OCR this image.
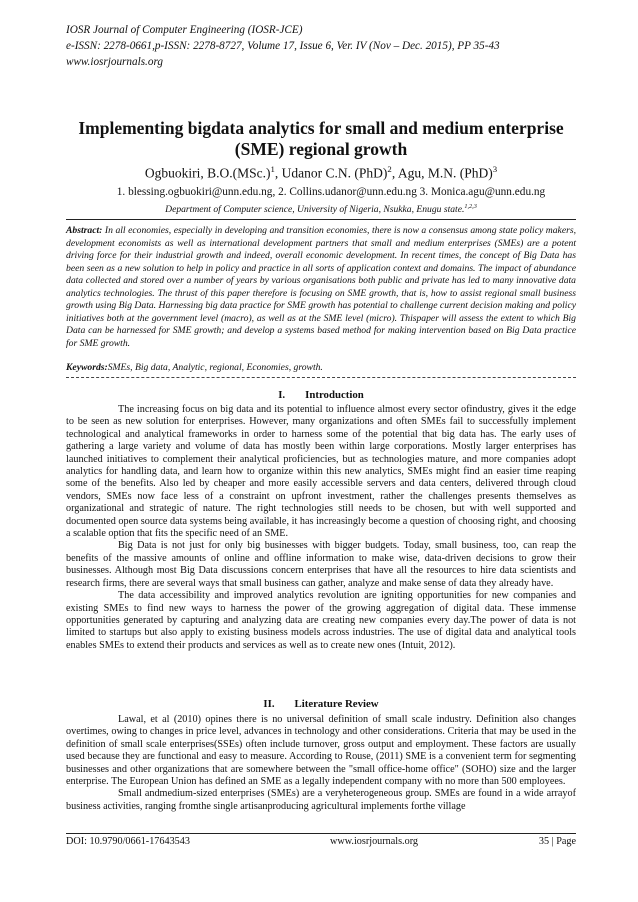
IOSR Journal of Computer Engineering (IOSR-JCE)
e-ISSN: 2278-0661,p-ISSN: 2278-8727, Volume 17, Issue 6, Ver. IV (Nov – Dec. 2015), PP 35-43
www.iosrjournals.org
Implementing bigdata analytics for small and medium enterprise (SME) regional growth
Ogbuokiri, $B.O.(MSc.)^1$, Udanor C.N. (PhD)$^2$, Agu, M.N. (PhD)$^3$
1. blessing.ogbuokiri@unn.edu.ng, 2. Collins.udanor@unn.edu.ng 3. Monica.agu@unn.edu.ng
Department of Computer science, University of Nigeria, Nsukka, Enugu state.$^{1,2,3}$
Abstract: In all economies, especially in developing and transition economies, there is now a consensus among state policy makers, development economists as well as international development partners that small and medium enterprises (SMEs) are a potent driving force for their industrial growth and indeed, overall economic development. In recent times, the concept of Big Data has been seen as a new solution to help in policy and practice in all sorts of application context and domains. The impact of abundance data collected and stored over a number of years by various organisations both public and private has led to many innovative data analytics technologies. The thrust of this paper therefore is focusing on SME growth, that is, how to assist regional small business growth using Big Data. Harnessing big data practice for SME growth has potential to challenge current decision making and policy initiatives both at the government level (macro), as well as at the SME level (micro). Thispaper will assess the extent to which Big Data can be harnessed for SME growth; and develop a systems based method for making intervention based on Big Data practice for SME growth.
Keywords:SMEs, Big data, Analytic, regional, Economies, growth.
I. Introduction

The increasing focus on big data and its potential to influence almost every sector ofindustry, gives it the edge to be seen as new solution for enterprises. However, many organizations and often SMEs fail to successfully implement technological and analytical frameworks in order to harness some of the potential that big data has. The early uses of gathering a large variety and volume of data has mostly been within large corporations. Mostly larger enterprises has launched initiatives to complement their analytical proficiencies, but as technologies mature, and more companies adopt analytics for handling data, and learn how to organize within this new analytics, SMEs might find an easier time reaping some of the benefits. Also led by cheaper and more easily accessible servers and data centers, delivered through cloud vendors, SMEs now face less of a constraint on upfront investment, rather the challenges presents themselves as organizational and strategic of nature. The right technologies still needs to be chosen, but with well supported and documented open source data systems being available, it has increasingly become a question of choosing right, and choosing a scalable option that fits the specific need of an SME.

Big Data is not just for only big businesses with bigger budgets. Today, small business, too, can reap the benefits of the massive amounts of online and offline information to make wise, data-driven decisions to grow their businesses. Although most Big Data discussions concern enterprises that have all the resources to hire data scientists and research firms, there are several ways that small business can gather, analyze and make sense of data they already have.

The data accessibility and improved analytics revolution are igniting opportunities for new companies and existing SMEs to find new ways to harness the power of the growing aggregation of digital data. These immense opportunities generated by capturing and analyzing data are creating new companies every day.The power of data is not limited to startups but also apply to existing business models across industries. The use of digital data and analytical tools enables SMEs to extend their products and services as well as to create new ones (Intuit, 2012).

II. Literature Review

Lawal, et al (2010) opines there is no universal definition of small scale industry. Definition also changes overtimes, owing to changes in price level, advances in technology and other considerations. Criteria that may be used in the definition of small scale enterprises(SSEs) often include turnover, gross output and employment. These factors are usually used because they are functional and easy to measure. According to Rouse, (2011) SME is a convenient term for segmenting businesses and other organizations that are somewhere between the "small office-home office" (SOHO) size and the larger enterprise. The European Union has defined an SME as a legally independent company with no more than 500 employees.

Small andmedium-sized enterprises (SMEs) are a veryheterogeneous group. SMEs are found in a wide arrayof business activities, ranging fromthe single artisanproducing agricultural implements forthe village

DOI: 10.9790/0661-17643543	www.iosrjournals.org	35 | Page
